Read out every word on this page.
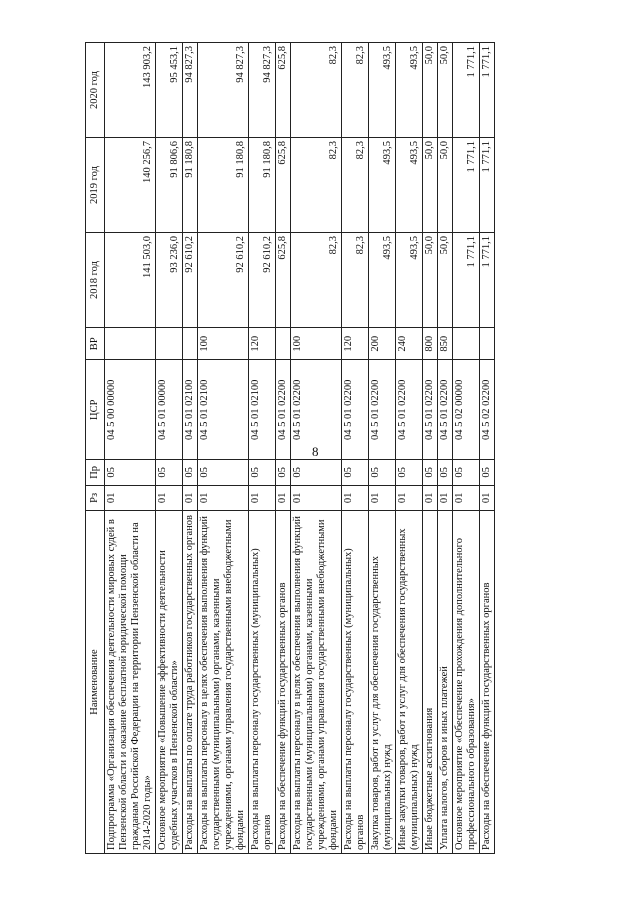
8
Наименование	Рз	Пр	ЦСР	ВР	2018 год	2019 год	2020 год
Подпрограмма «Организация обеспечения деятельности мировых судей в Пензенской области и оказание бесплатной юридической помощи гражданам Российской Федерации на территории Пензенской области на 2014-2020 годы»	01	05	04 5 00 00000		141 503,0	140 256,7	143 903,2
Основное мероприятие «Повышение эффективности деятельности судебных участков в Пензенской области»	01	05	04 5 01 00000		93 236,0	91 806,6	95 453,1
Расходы на выплаты по оплате труда работников государственных органов	01	05	04 5 01 02100		92 610,2	91 180,8	94 827,3
Расходы на выплаты персоналу в целях обеспечения выполнения функций государственными (муниципальными) органами, казенными учреждениями, органами управления государственными внебюджетными фондами	01	05	04 5 01 02100	100	92 610,2	91 180,8	94 827,3
Расходы на выплаты персоналу государственных (муниципальных) органов	01	05	04 5 01 02100	120	92 610,2	91 180,8	94 827,3
Расходы на обеспечение функций государственных органов	01	05	04 5 01 02200		625,8	625,8	625,8
Расходы на выплаты персоналу в целях обеспечения выполнения функций государственными (муниципальными) органами, казенными учреждениями, органами управления государственными внебюджетными фондами	01	05	04 5 01 02200	100	82,3	82,3	82,3
Расходы на выплаты персоналу государственных (муниципальных) органов	01	05	04 5 01 02200	120	82,3	82,3	82,3
Закупка товаров, работ и услуг для обеспечения государственных (муниципальных) нужд	01	05	04 5 01 02200	200	493,5	493,5	493,5
Иные закупки товаров, работ и услуг для обеспечения государственных (муниципальных) нужд	01	05	04 5 01 02200	240	493,5	493,5	493,5
Иные бюджетные ассигнования	01	05	04 5 01 02200	800	50,0	50,0	50,0
Уплата налогов, сборов и иных платежей	01	05	04 5 01 02200	850	50,0	50,0	50,0
Основное мероприятие «Обеспечение прохождения дополнительного профессионального образования»	01	05	04 5 02 00000		1 771,1	1 771,1	1 771,1
Расходы на обеспечение функций государственных органов	01	05	04 5 02 02200		1 771,1	1 771,1	1 771,1
